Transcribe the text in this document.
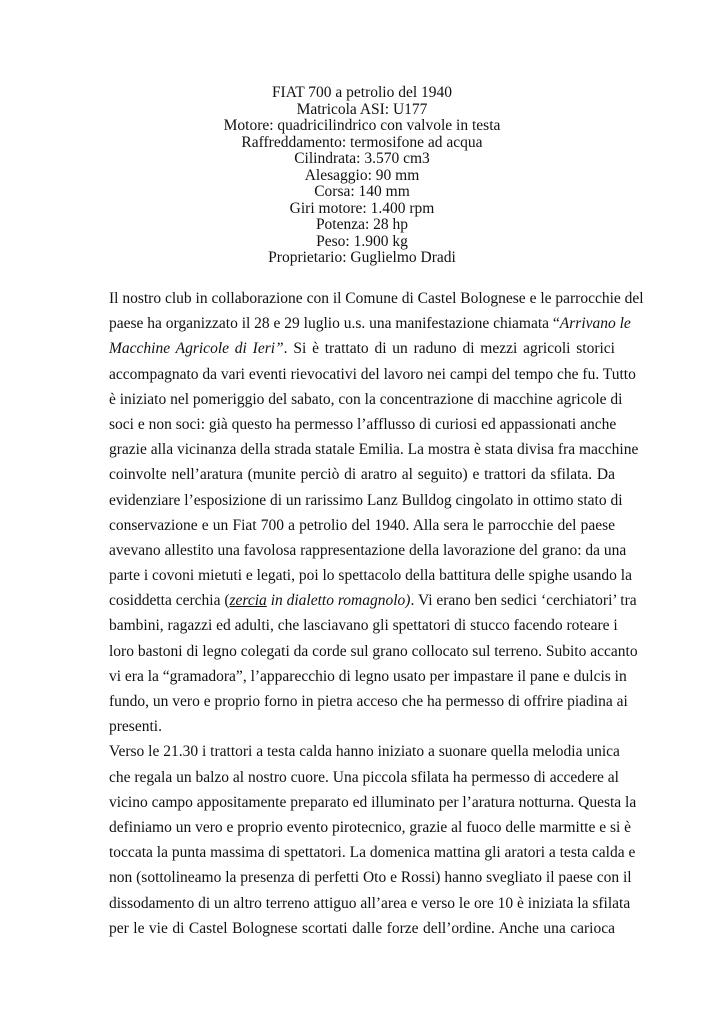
FIAT 700 a petrolio del 1940
Matricola ASI: U177
Motore: quadricilindrico con valvole in testa
Raffreddamento: termosifone ad acqua
Cilindrata: 3.570 cm3
Alesaggio: 90 mm
Corsa: 140 mm
Giri motore: 1.400 rpm
Potenza: 28 hp
Peso: 1.900 kg
Proprietario: Guglielmo Dradi
Il nostro club in collaborazione con il Comune di Castel Bolognese e le parrocchie del
paese ha organizzato il 28 e 29 luglio u.s. una manifestazione chiamata “Arrivano le
Macchine Agricole di Ieri”. Si è trattato di un raduno di mezzi agricoli storici
accompagnato da vari eventi rievocativi del lavoro nei campi del tempo che fu. Tutto
è iniziato nel pomeriggio del sabato, con la concentrazione di macchine agricole di
soci e non soci: già questo ha permesso l’afflusso di curiosi ed appassionati anche
grazie alla vicinanza della strada statale Emilia. La mostra è stata divisa fra macchine
coinvolte nell’aratura (munite perciò di aratro al seguito) e trattori da sfilata. Da
evidenziare l’esposizione di un rarissimo Lanz Bulldog cingolato in ottimo stato di
conservazione e un Fiat 700 a petrolio del 1940. Alla sera le parrocchie del paese
avevano allestito una favolosa rappresentazione della lavorazione del grano: da una
parte i covoni mietuti e legati, poi lo spettacolo della battitura delle spighe usando la
cosiddetta cerchia (zercia in dialetto romagnolo). Vi erano ben sedici ‘cerchiatori’ tra
bambini, ragazzi ed adulti, che lasciavano gli spettatori di stucco facendo roteare i
loro bastoni di legno colegati da corde sul grano collocato sul terreno. Subito accanto
vi era la “gramadora”, l’apparecchio di legno usato per impastare il pane e dulcis in
fundo, un vero e proprio forno in pietra acceso che ha permesso di offrire piadina ai
presenti.
Verso le 21.30 i trattori a testa calda hanno iniziato a suonare quella melodia unica
che regala un balzo al nostro cuore. Una piccola sfilata ha permesso di accedere al
vicino campo appositamente preparato ed illuminato per l’aratura notturna. Questa la
definiamo un vero e proprio evento pirotecnico, grazie al fuoco delle marmitte e si è
toccata la punta massima di spettatori. La domenica mattina gli aratori a testa calda e
non (sottolineamo la presenza di perfetti Oto e Rossi) hanno svegliato il paese con il
dissodamento di un altro terreno attiguo all’area e verso le ore 10 è iniziata la sfilata
per le vie di Castel Bolognese scortati dalle forze dell’ordine. Anche una carioca
